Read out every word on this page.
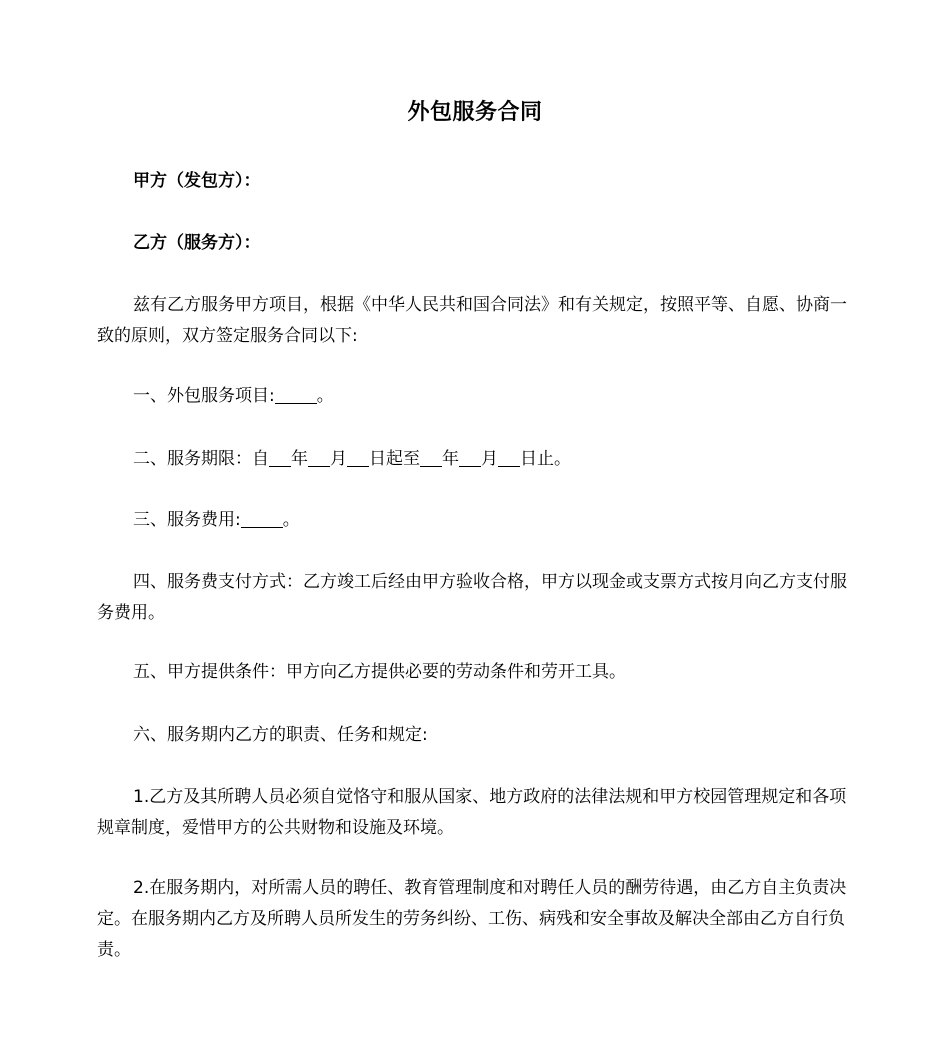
外包服务合同
甲方（发包方）：
乙方（服务方）：
兹有乙方服务甲方项目，根据《中华人民共和国合同法》和有关规定，按照平等、自愿、协商一致的原则，双方签定服务合同以下:
一、外包服务项目: 。
二、服务期限：自 年 月 日起至 年 月 日止。
三、服务费用: 。
四、服务费支付方式：乙方竣工后经由甲方验收合格，甲方以现金或支票方式按月向乙方支付服务费用。
五、甲方提供条件：甲方向乙方提供必要的劳动条件和劳开工具。
六、服务期内乙方的职责、任务和规定:
1.乙方及其所聘人员必须自觉恪守和服从国家、地方政府的法律法规和甲方校园管理规定和各项规章制度，爱惜甲方的公共财物和设施及环境。
2.在服务期内，对所需人员的聘任、教育管理制度和对聘任人员的酬劳待遇，由乙方自主负责决定。在服务期内乙方及所聘人员所发生的劳务纠纷、工伤、病残和安全事故及解决全部由乙方自行负责。
